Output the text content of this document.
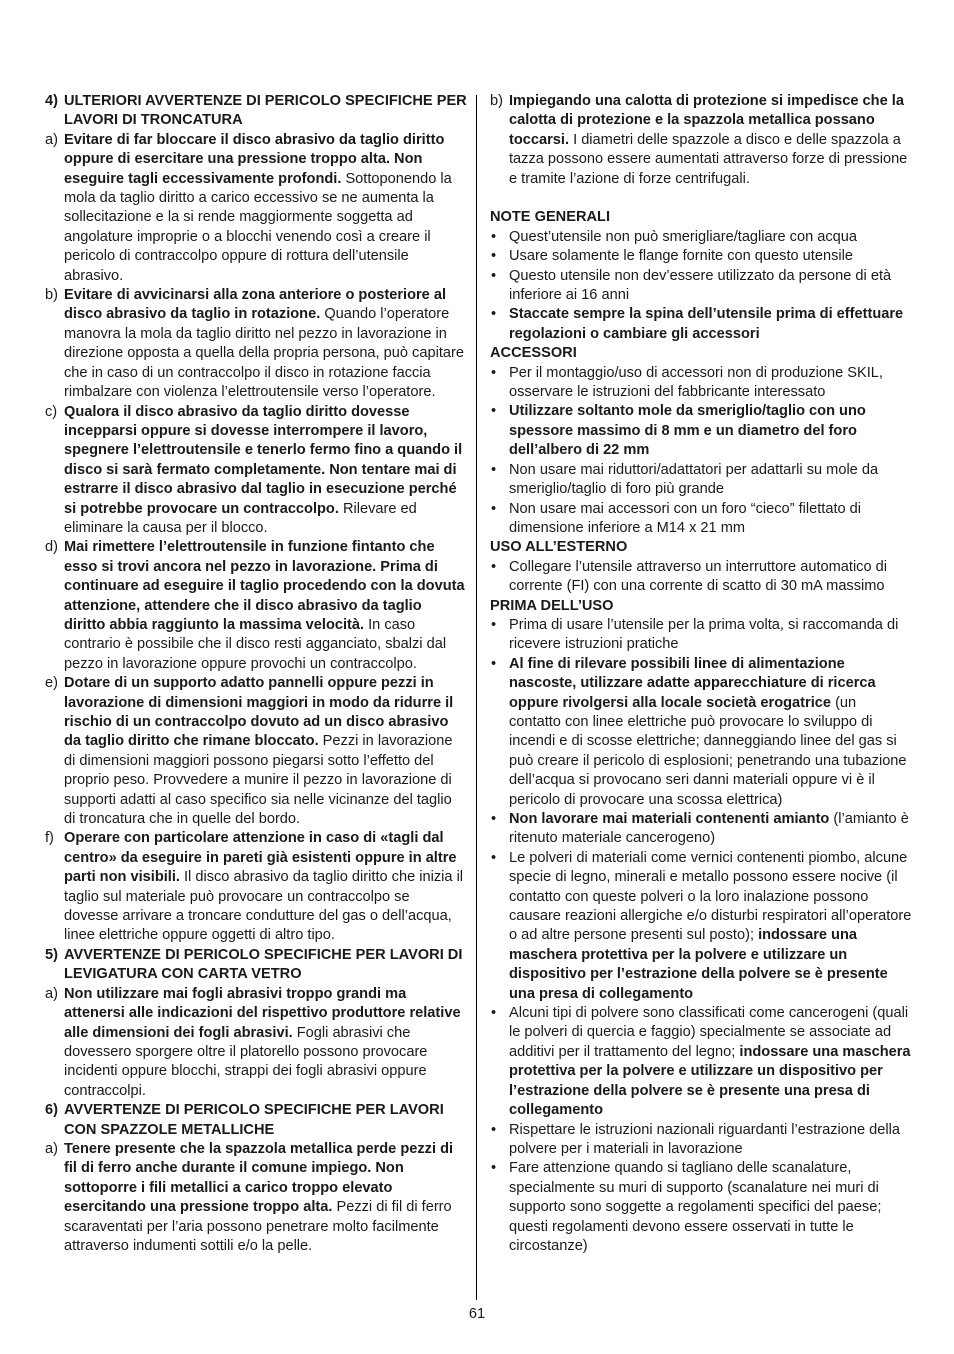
4) ULTERIORI AVVERTENZE DI PERICOLO SPECIFICHE PER LAVORI DI TRONCATURA
a) Evitare di far bloccare il disco abrasivo da taglio diritto oppure di esercitare una pressione troppo alta. Non eseguire tagli eccessivamente profondi. Sottoponendo la mola da taglio diritto a carico eccessivo se ne aumenta la sollecitazione e la si rende maggiormente soggetta ad angolature improprie o a blocchi venendo così a creare il pericolo di contraccolpo oppure di rottura dell’utensile abrasivo.
b) Evitare di avvicinarsi alla zona anteriore o posteriore al disco abrasivo da taglio in rotazione. Quando l’operatore manovra la mola da taglio diritto nel pezzo in lavorazione in direzione opposta a quella della propria persona, può capitare che in caso di un contraccolpo il disco in rotazione faccia rimbalzare con violenza l’elettroutensile verso l’operatore.
c) Qualora il disco abrasivo da taglio diritto dovesse incepparsi oppure si dovesse interrompere il lavoro, spegnere l’elettroutensile e tenerlo fermo fino a quando il disco si sarà fermato completamente. Non tentare mai di estrarre il disco abrasivo dal taglio in esecuzione perché si potrebbe provocare un contraccolpo. Rilevare ed eliminare la causa per il blocco.
d) Mai rimettere l’elettroutensile in funzione fintanto che esso si trovi ancora nel pezzo in lavorazione. Prima di continuare ad eseguire il taglio procedendo con la dovuta attenzione, attendere che il disco abrasivo da taglio diritto abbia raggiunto la massima velocità. In caso contrario è possibile che il disco resti agganciato, sbalzi dal pezzo in lavorazione oppure provochi un contraccolpo.
e) Dotare di un supporto adatto pannelli oppure pezzi in lavorazione di dimensioni maggiori in modo da ridurre il rischio di un contraccolpo dovuto ad un disco abrasivo da taglio diritto che rimane bloccato. Pezzi in lavorazione di dimensioni maggiori possono piegarsi sotto l’effetto del proprio peso. Provvedere a munire il pezzo in lavorazione di supporti adatti al caso specifico sia nelle vicinanze del taglio di troncatura che in quelle del bordo.
f) Operare con particolare attenzione in caso di «tagli dal centro» da eseguire in pareti già esistenti oppure in altre parti non visibili. Il disco abrasivo da taglio diritto che inizia il taglio sul materiale può provocare un contraccolpo se dovesse arrivare a troncare condutture del gas o dell’acqua, linee elettriche oppure oggetti di altro tipo.
5) AVVERTENZE DI PERICOLO SPECIFICHE PER LAVORI DI LEVIGATURA CON CARTA VETRO
a) Non utilizzare mai fogli abrasivi troppo grandi ma attenersi alle indicazioni del rispettivo produttore relative alle dimensioni dei fogli abrasivi. Fogli abrasivi che dovessero sporgere oltre il platorello possono provocare incidenti oppure blocchi, strappi dei fogli abrasivi oppure contraccolpi.
6) AVVERTENZE DI PERICOLO SPECIFICHE PER LAVORI CON SPAZZOLE METALLICHE
a) Tenere presente che la spazzola metallica perde pezzi di fil di ferro anche durante il comune impiego. Non sottoporre i fili metallici a carico troppo elevato esercitando una pressione troppo alta. Pezzi di fil di ferro scaraventati per l’aria possono penetrare molto facilmente attraverso indumenti sottili e/o la pelle.
b) Impiegando una calotta di protezione si impedisce che la calotta di protezione e la spazzola metallica possano toccarsi. I diametri delle spazzole a disco e delle spazzola a tazza possono essere aumentati attraverso forze di pressione e tramite l’azione di forze centrifugali.
NOTE GENERALI
• Quest’utensile non può smerigliare/tagliare con acqua
• Usare solamente le flange fornite con questo utensile
• Questo utensile non dev’essere utilizzato da persone di età inferiore ai 16 anni
• Staccate sempre la spina dell’utensile prima di effettuare regolazioni o cambiare gli accessori
ACCESSORI
• Per il montaggio/uso di accessori non di produzione SKIL, osservare le istruzioni del fabbricante interessato
• Utilizzare soltanto mole da smeriglio/taglio con uno spessore massimo di 8 mm e un diametro del foro dell’albero di 22 mm
• Non usare mai riduttori/adattatori per adattarli su mole da smeriglio/taglio di foro più grande
• Non usare mai accessori con un foro “cieco” filettato di dimensione inferiore a M14 x 21 mm
USO ALL’ESTERNO
• Collegare l’utensile attraverso un interruttore automatico di corrente (FI) con una corrente di scatto di 30 mA massimo
PRIMA DELL’USO
• Prima di usare l’utensile per la prima volta, si raccomanda di ricevere istruzioni pratiche
• Al fine di rilevare possibili linee di alimentazione nascoste, utilizzare adatte apparecchiature di ricerca oppure rivolgersi alla locale società erogatrice (un contatto con linee elettriche può provocare lo sviluppo di incendi e di scosse elettriche; danneggiando linee del gas si può creare il pericolo di esplosioni; penetrando una tubazione dell’acqua si provocano seri danni materiali oppure vi è il pericolo di provocare una scossa elettrica)
• Non lavorare mai materiali contenenti amianto (l’amianto è ritenuto materiale cancerogeno)
• Le polveri di materiali come vernici contenenti piombo, alcune specie di legno, minerali e metallo possono essere nocive (il contatto con queste polveri o la loro inalazione possono causare reazioni allergiche e/o disturbi respiratori all’operatore o ad altre persone presenti sul posto); indossare una maschera protettiva per la polvere e utilizzare un dispositivo per l’estrazione della polvere se è presente una presa di collegamento
• Alcuni tipi di polvere sono classificati come cancerogeni (quali le polveri di quercia e faggio) specialmente se associate ad additivi per il trattamento del legno; indossare una maschera protettiva per la polvere e utilizzare un dispositivo per l’estrazione della polvere se è presente una presa di collegamento
• Rispettare le istruzioni nazionali riguardanti l’estrazione della polvere per i materiali in lavorazione
• Fare attenzione quando si tagliano delle scanalature, specialmente su muri di supporto (scanalature nei muri di supporto sono soggette a regolamenti specifici del paese; questi regolamenti devono essere osservati in tutte le circostanze)
61
